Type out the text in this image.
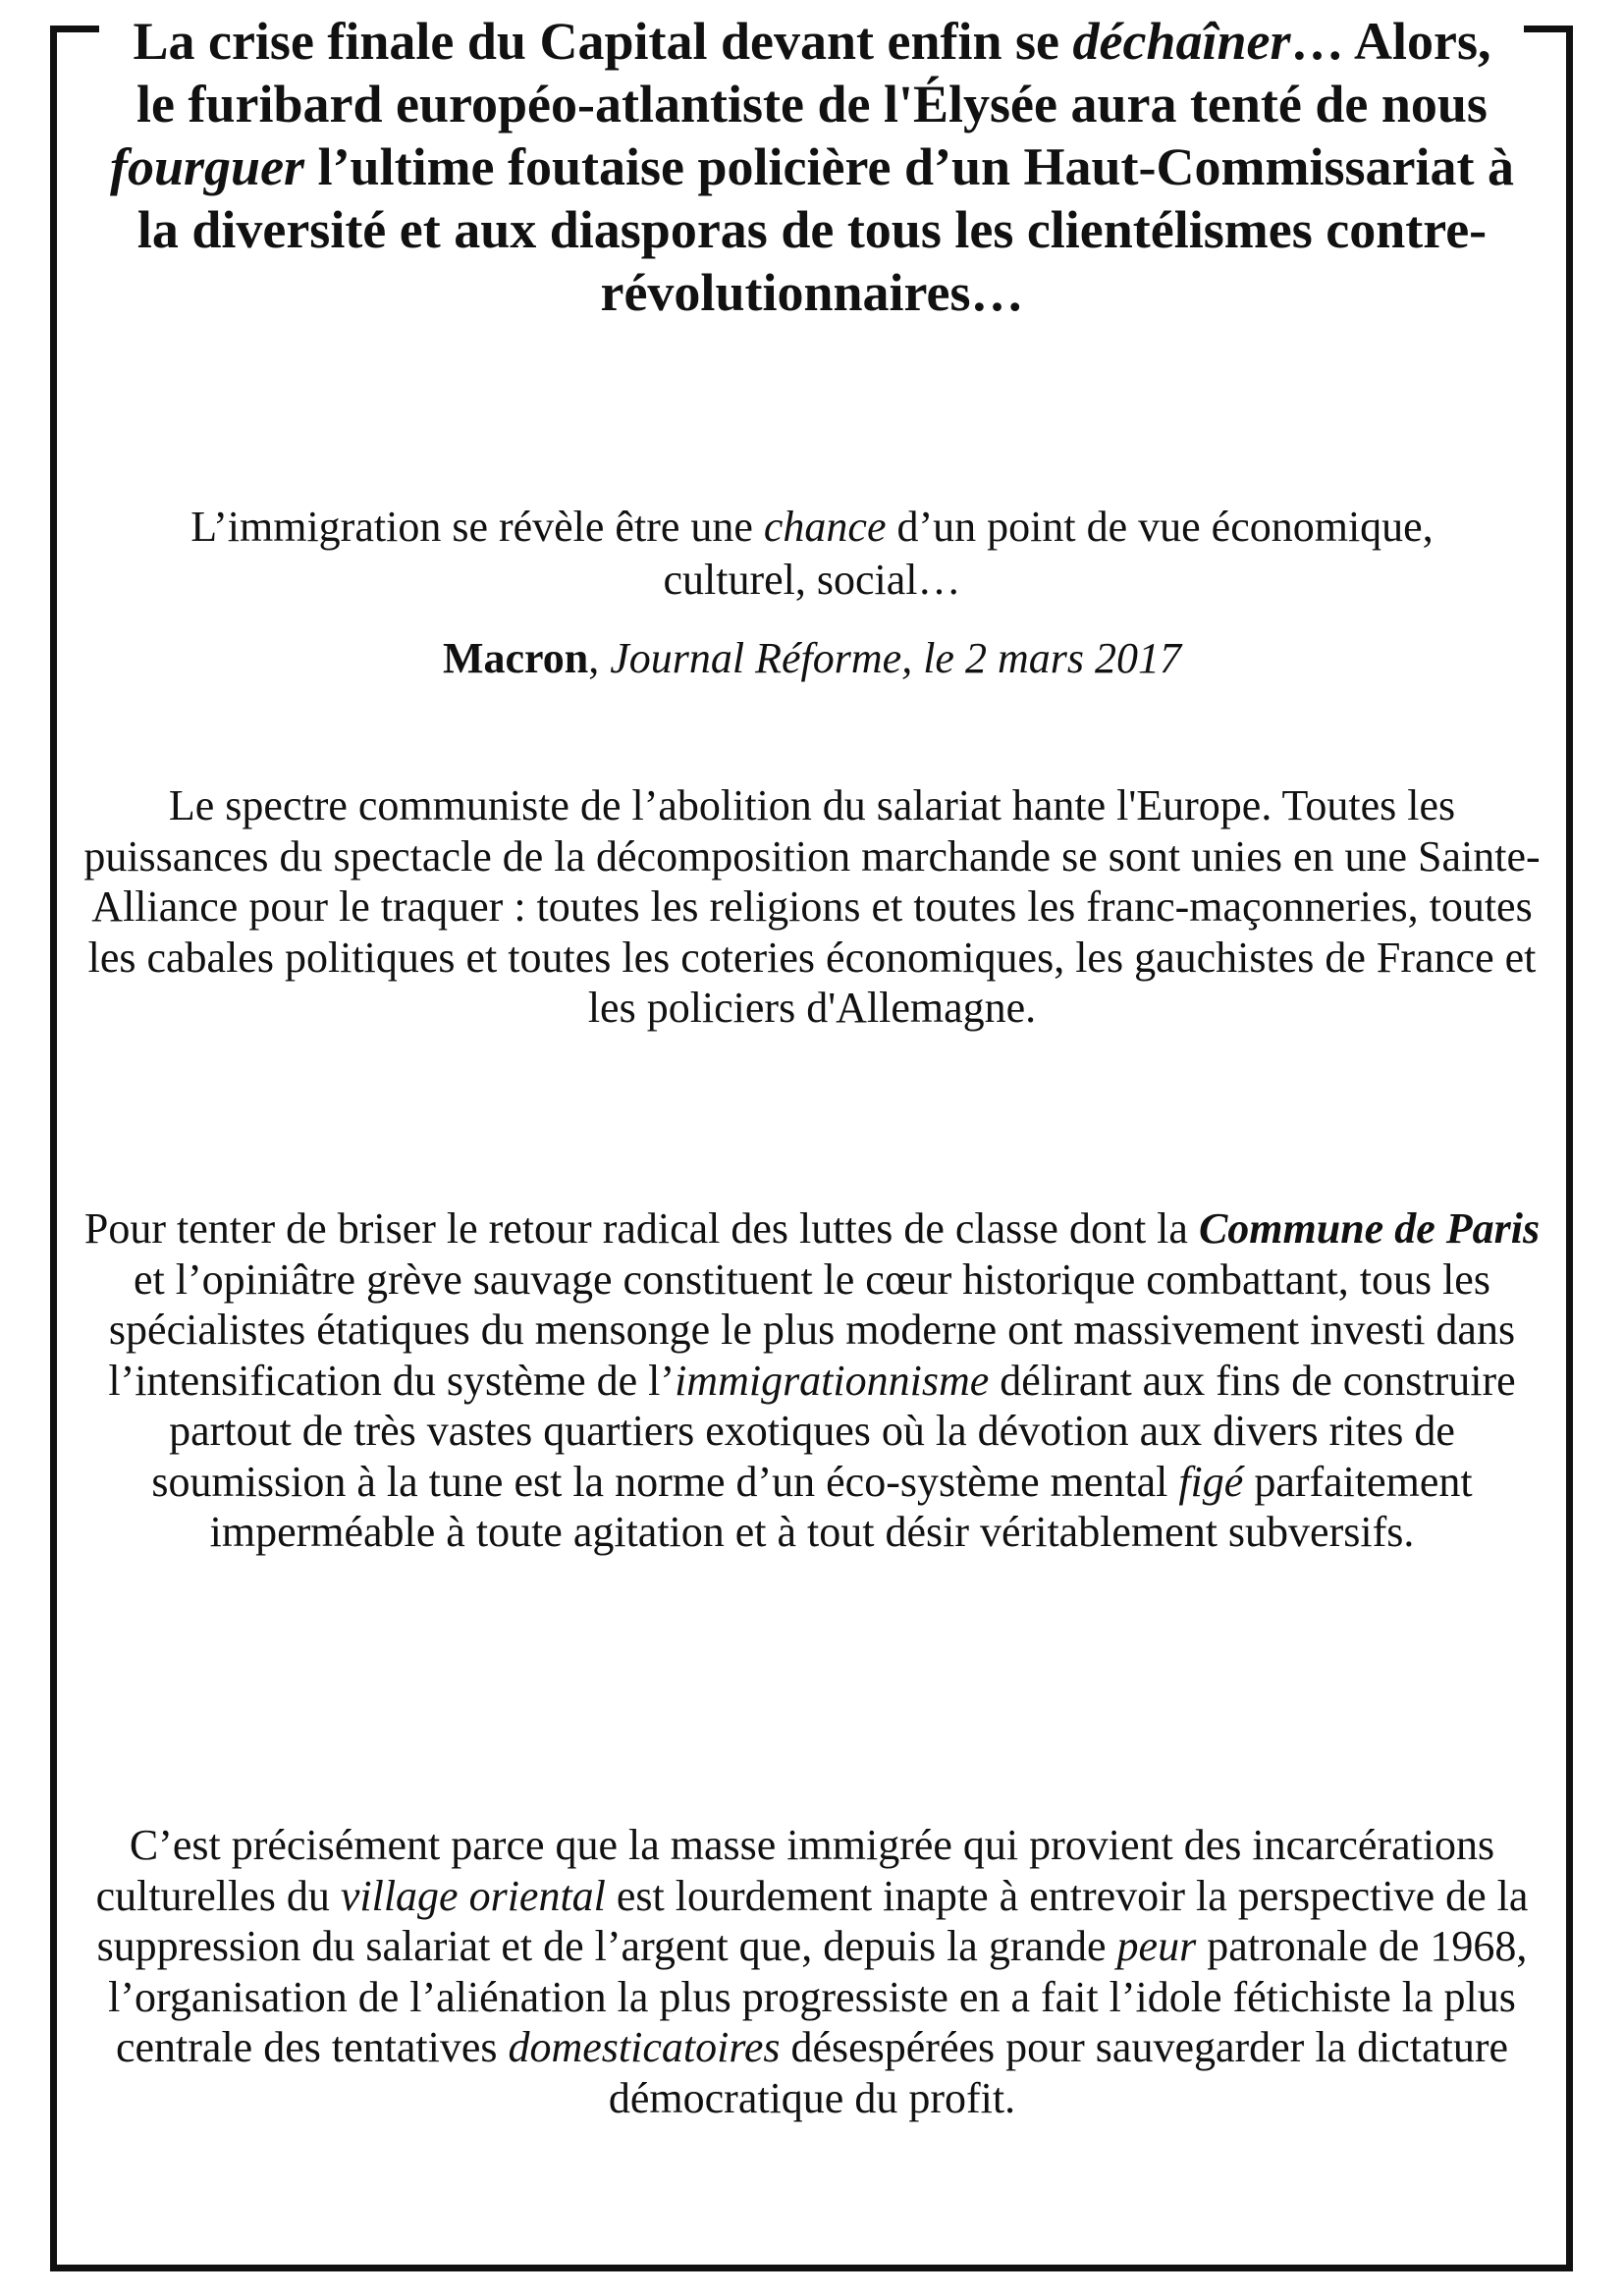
La crise finale du Capital devant enfin se déchaîner… Alors, le furibard européo-atlantiste de l'Élysée aura tenté de nous fourguer l’ultime foutaise policière d’un Haut-Commissariat à la diversité et aux diasporas de tous les clientélismes contre-révolutionnaires…

L’immigration se révèle être une chance d’un point de vue économique, culturel, social…

Macron, Journal Réforme, le 2 mars 2017

Le spectre communiste de l’abolition du salariat hante l'Europe. Toutes les puissances du spectacle de la décomposition marchande se sont unies en une Sainte-Alliance pour le traquer : toutes les religions et toutes les franc-maçonneries, toutes les cabales politiques et toutes les coteries économiques, les gauchistes de France et les policiers d'Allemagne.

Pour tenter de briser le retour radical des luttes de classe dont la Commune de Paris et l’opiniâtre grève sauvage constituent le cœur historique combattant, tous les spécialistes étatiques du mensonge le plus moderne ont massivement investi dans l’intensification du système de l’immigrationnisme délirant aux fins de construire partout de très vastes quartiers exotiques où la dévotion aux divers rites de soumission à la tune est la norme d’un éco-système mental figé parfaitement imperméable à toute agitation et à tout désir véritablement subversifs.

C’est précisément parce que la masse immigrée qui provient des incarcérations culturelles du village oriental est lourdement inapte à entrevoir la perspective de la suppression du salariat et de l’argent que, depuis la grande peur patronale de 1968, l’organisation de l’aliénation la plus progressiste en a fait l’idole fétichiste la plus centrale des tentatives domesticatoires désespérées pour sauvegarder la dictature démocratique du profit.
